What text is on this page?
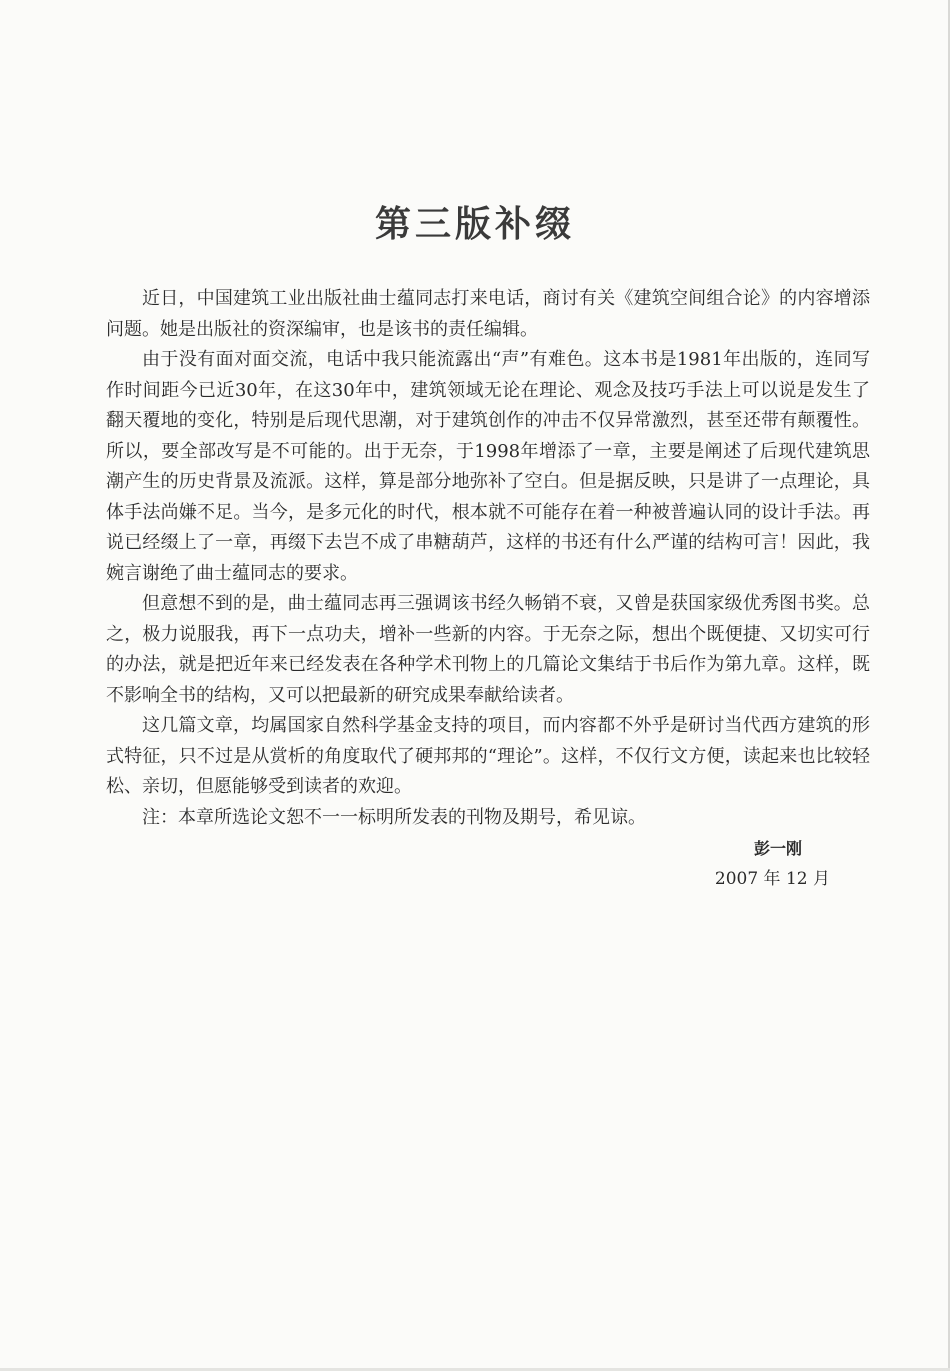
第三版补缀

近日，中国建筑工业出版社曲士蕴同志打来电话，商讨有关《建筑空间组合论》的内容增添问题。她是出版社的资深编审，也是该书的责任编辑。

由于没有面对面交流，电话中我只能流露出“声”有难色。这本书是1981年出版的，连同写作时间距今已近30年，在这30年中，建筑领域无论在理论、观念及技巧手法上可以说是发生了翻天覆地的变化，特别是后现代思潮，对于建筑创作的冲击不仅异常激烈，甚至还带有颠覆性。所以，要全部改写是不可能的。出于无奈，于1998年增添了一章，主要是阐述了后现代建筑思潮产生的历史背景及流派。这样，算是部分地弥补了空白。但是据反映，只是讲了一点理论，具体手法尚嫌不足。当今，是多元化的时代，根本就不可能存在着一种被普遍认同的设计手法。再说已经缀上了一章，再缀下去岂不成了串糖葫芦，这样的书还有什么严谨的结构可言！因此，我婉言谢绝了曲士蕴同志的要求。

但意想不到的是，曲士蕴同志再三强调该书经久畅销不衰，又曾是获国家级优秀图书奖。总之，极力说服我，再下一点功夫，增补一些新的内容。于无奈之际，想出个既便捷、又切实可行的办法，就是把近年来已经发表在各种学术刊物上的几篇论文集结于书后作为第九章。这样，既不影响全书的结构，又可以把最新的研究成果奉献给读者。

这几篇文章，均属国家自然科学基金支持的项目，而内容都不外乎是研讨当代西方建筑的形式特征，只不过是从赏析的角度取代了硬邦邦的“理论”。这样，不仅行文方便，读起来也比较轻松、亲切，但愿能够受到读者的欢迎。

注：本章所选论文恕不一一标明所发表的刊物及期号，希见谅。

彭一刚
2007 年 12 月
